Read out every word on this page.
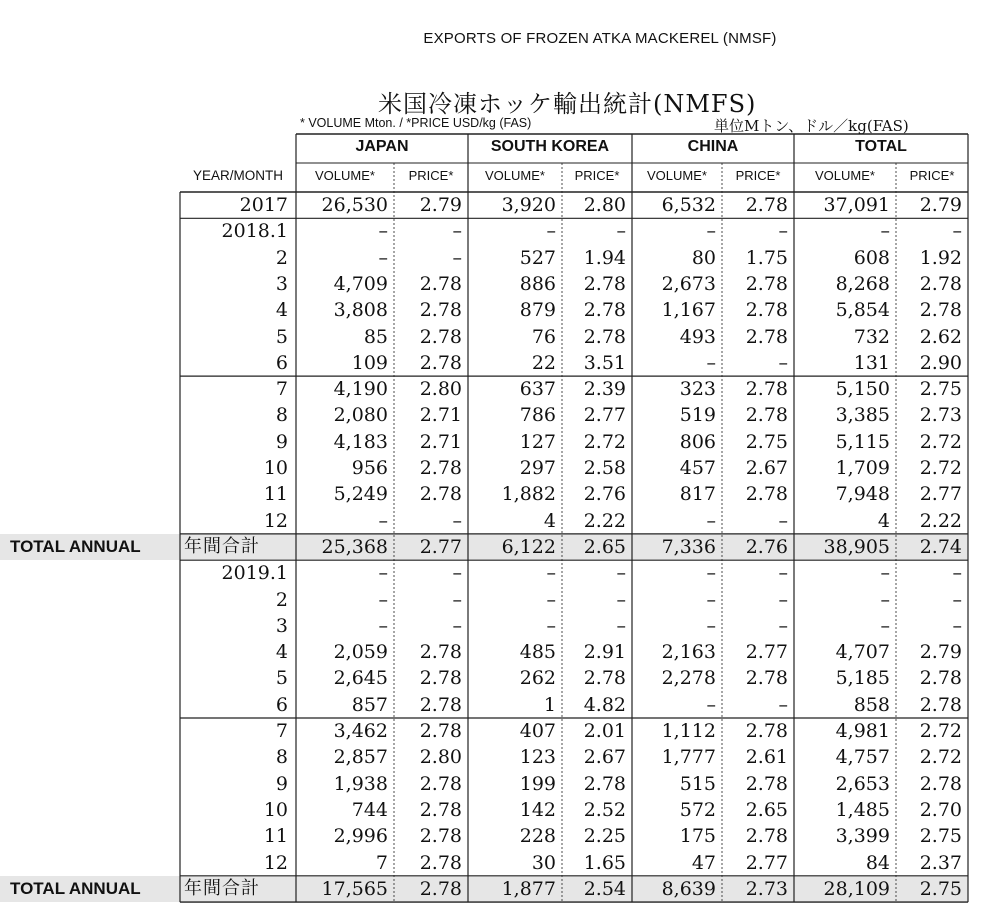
EXPORTS OF FROZEN ATKA MACKEREL (NMSF)
米国冷凍ホッケ輸出統計(NMFS)
* VOLUME Mton. / *PRICE USD/kg (FAS)	単位Mトン、ドル／kg(FAS)
YEAR/MONTH
JAPAN
VOLUME*	PRICE*
SOUTH KOREA
VOLUME*	PRICE*
CHINA
VOLUME*	PRICE*
TOTAL
VOLUME*	PRICE*
2017	26,530	2.79	3,920	2.80	6,532	2.78	37,091	2.79
2018.1	–	–	–	–	–	–	–	–
2	–	–	527	1.94	80	1.75	608	1.92
3	4,709	2.78	886	2.78	2,673	2.78	8,268	2.78
4	3,808	2.78	879	2.78	1,167	2.78	5,854	2.78
5	85	2.78	76	2.78	493	2.78	732	2.62
6	109	2.78	22	3.51	–	–	131	2.90
7	4,190	2.80	637	2.39	323	2.78	5,150	2.75
8	2,080	2.71	786	2.77	519	2.78	3,385	2.73
9	4,183	2.71	127	2.72	806	2.75	5,115	2.72
10	956	2.78	297	2.58	457	2.67	1,709	2.72
11	5,249	2.78	1,882	2.76	817	2.78	7,948	2.77
12	–	–	4	2.22	–	–	4	2.22
TOTAL ANNUAL 年間合計	25,368	2.77	6,122	2.65	7,336	2.76	38,905	2.74
2019.1	–	–	–	–	–	–	–	–
2	–	–	–	–	–	–	–	–
3	–	–	–	–	–	–	–	–
4	2,059	2.78	485	2.91	2,163	2.77	4,707	2.79
5	2,645	2.78	262	2.78	2,278	2.78	5,185	2.78
6	857	2.78	1	4.82	–	–	858	2.78
7	3,462	2.78	407	2.01	1,112	2.78	4,981	2.72
8	2,857	2.80	123	2.67	1,777	2.61	4,757	2.72
9	1,938	2.78	199	2.78	515	2.78	2,653	2.78
10	744	2.78	142	2.52	572	2.65	1,485	2.70
11	2,996	2.78	228	2.25	175	2.78	3,399	2.75
12	7	2.78	30	1.65	47	2.77	84	2.37
TOTAL ANNUAL 年間合計	17,565	2.78	1,877	2.54	8,639	2.73	28,109	2.75
